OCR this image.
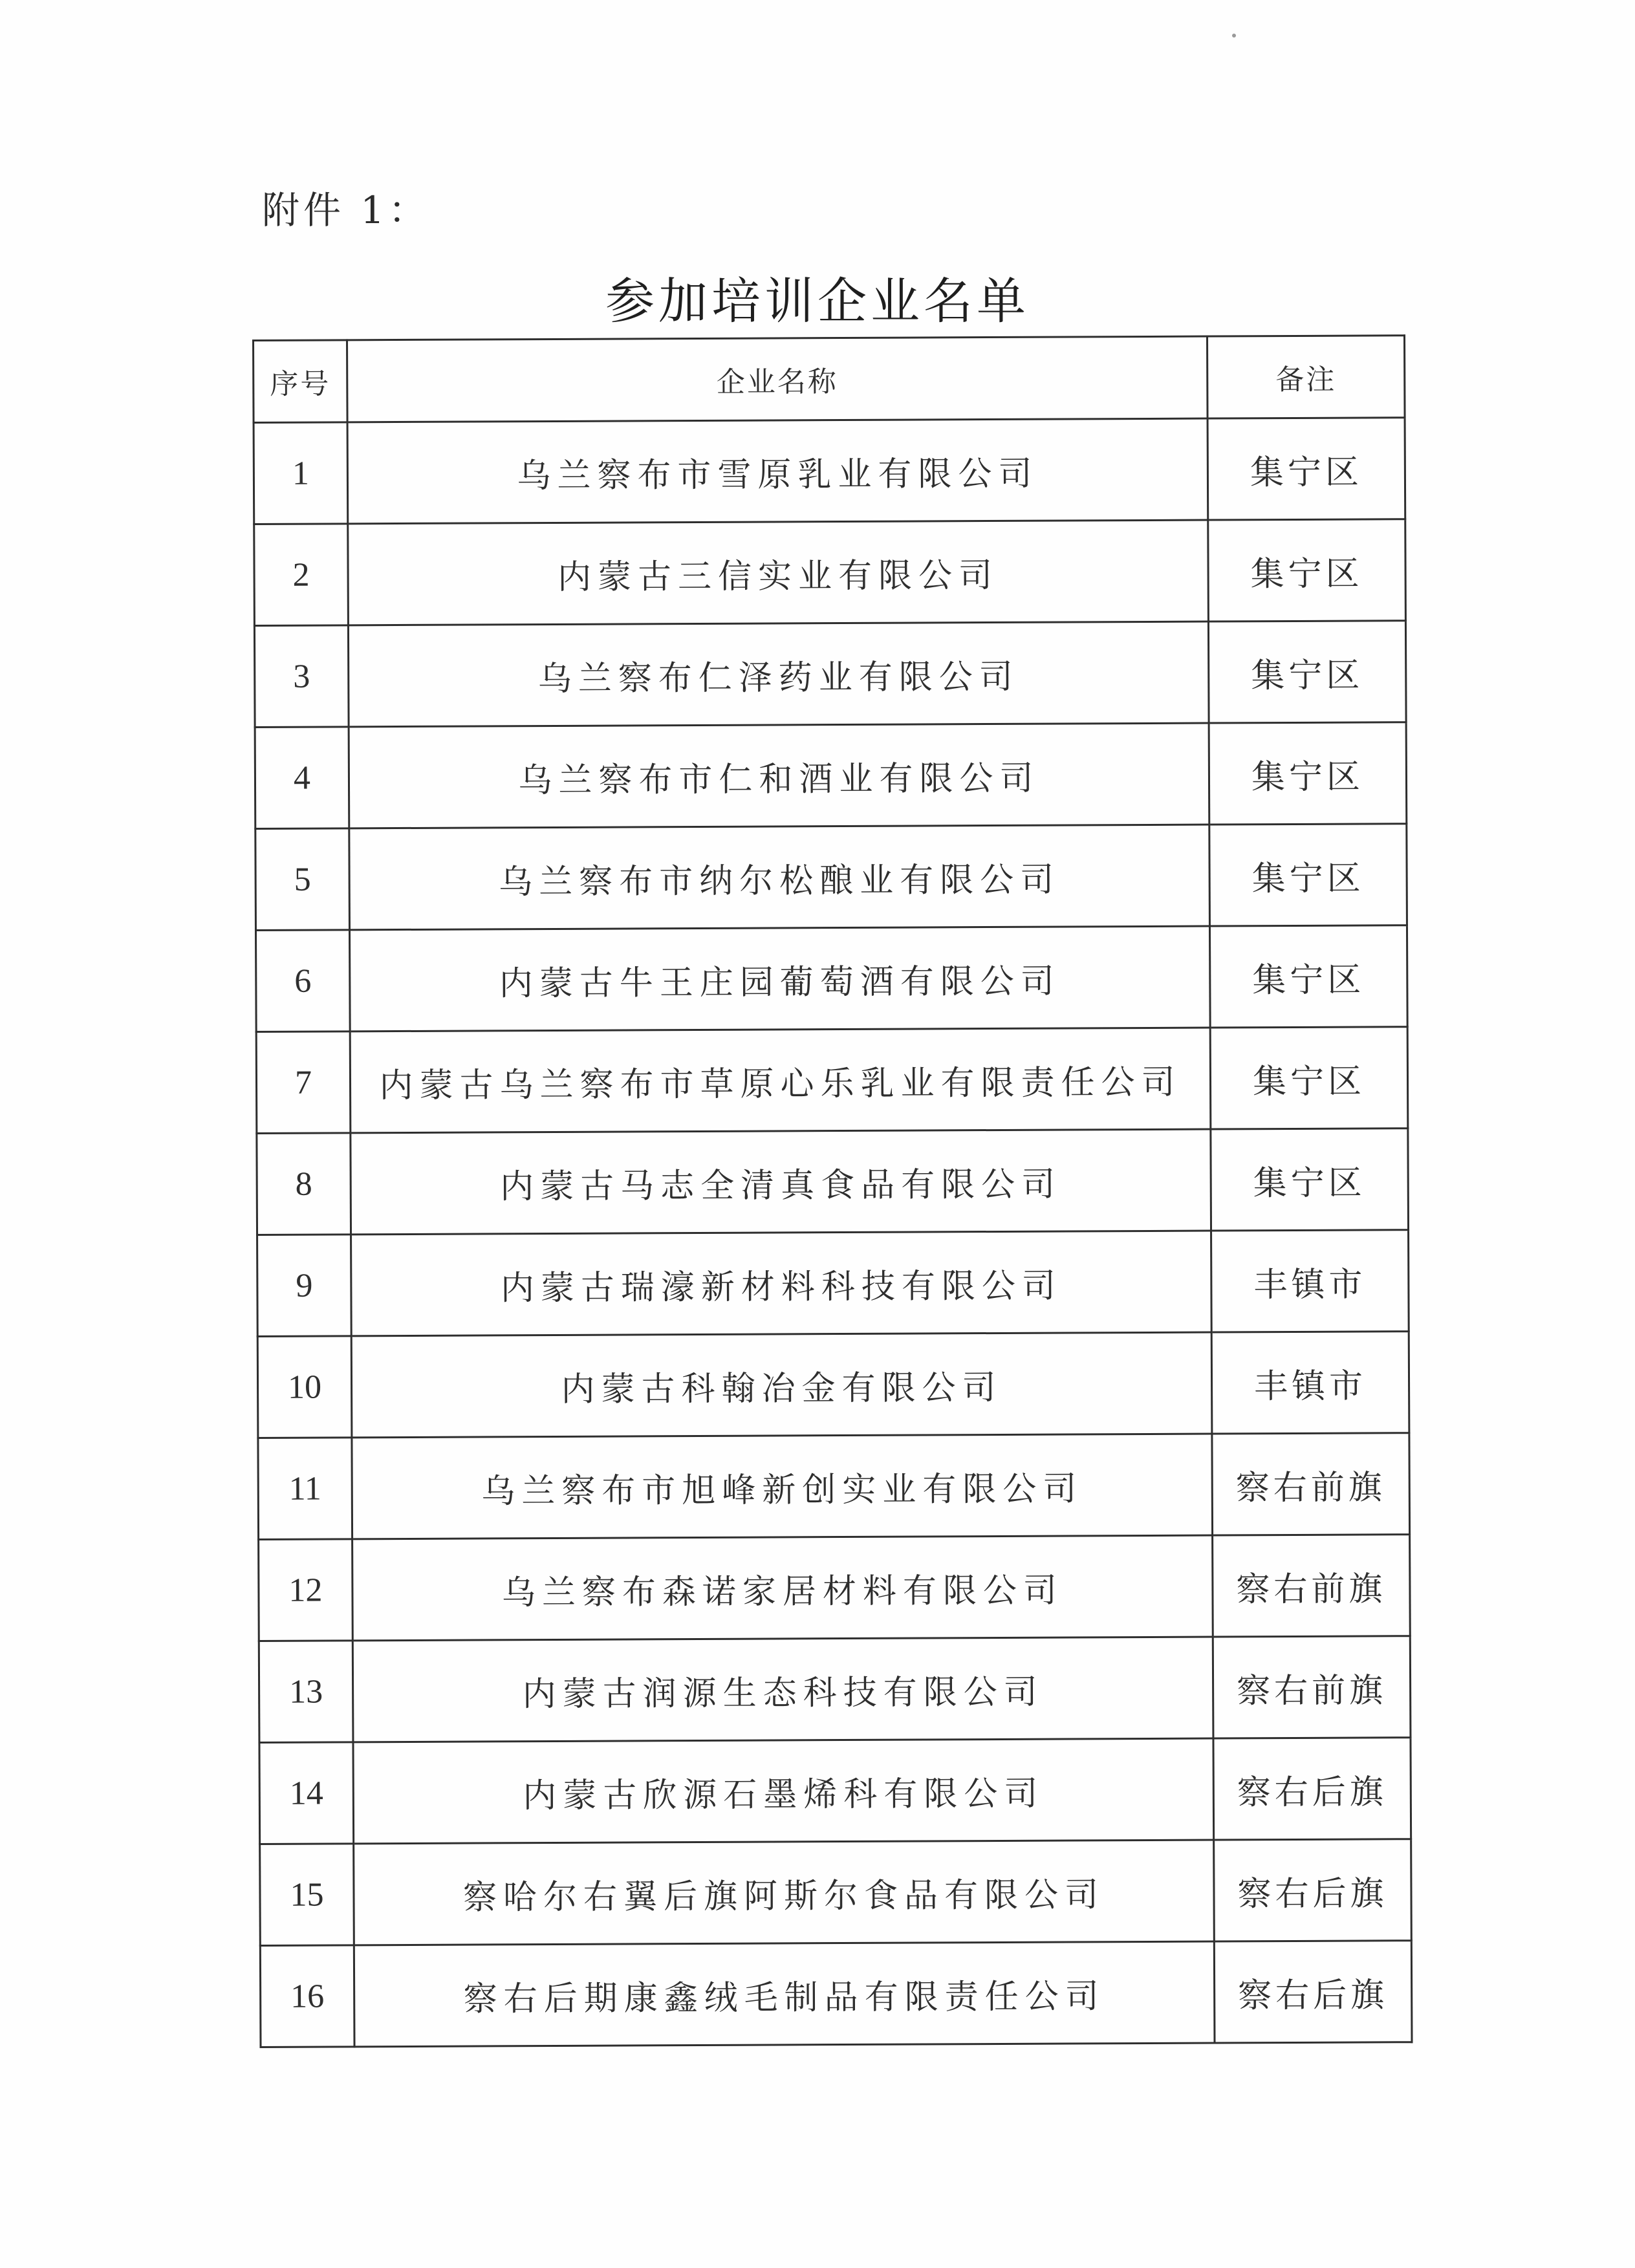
附件 1：
参加培训企业名单
序号	企业名称	备注
1	乌兰察布市雪原乳业有限公司	集宁区
2	内蒙古三信实业有限公司	集宁区
3	乌兰察布仁泽药业有限公司	集宁区
4	乌兰察布市仁和酒业有限公司	集宁区
5	乌兰察布市纳尔松酿业有限公司	集宁区
6	内蒙古牛王庄园葡萄酒有限公司	集宁区
7	内蒙古乌兰察布市草原心乐乳业有限责任公司	集宁区
8	内蒙古马志全清真食品有限公司	集宁区
9	内蒙古瑞濠新材料科技有限公司	丰镇市
10	内蒙古科翰冶金有限公司	丰镇市
11	乌兰察布市旭峰新创实业有限公司	察右前旗
12	乌兰察布森诺家居材料有限公司	察右前旗
13	内蒙古润源生态科技有限公司	察右前旗
14	内蒙古欣源石墨烯科有限公司	察右后旗
15	察哈尔右翼后旗阿斯尔食品有限公司	察右后旗
16	察右后期康鑫绒毛制品有限责任公司	察右后旗
